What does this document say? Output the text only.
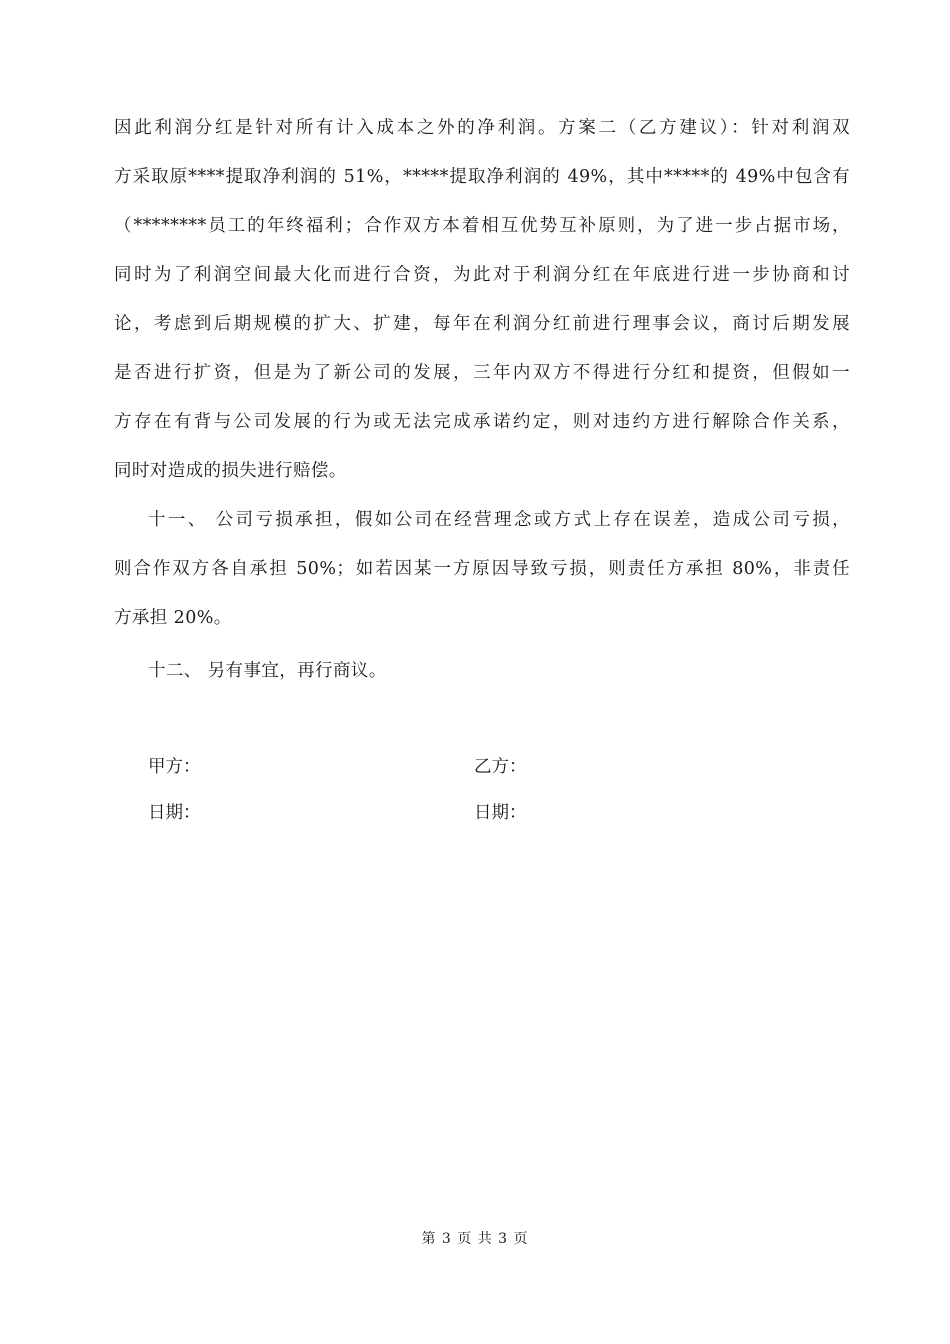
因此利润分红是针对所有计入成本之外的净利润。方案二（乙方建议）：针对利润双
方采取原****提取净利润的 51%，*****提取净利润的 49%，其中*****的 49%中包含有
（********员工的年终福利；合作双方本着相互优势互补原则，为了进一步占据市场，
同时为了利润空间最大化而进行合资，为此对于利润分红在年底进行进一步协商和讨
论，考虑到后期规模的扩大、扩建，每年在利润分红前进行理事会议，商讨后期发展
是否进行扩资，但是为了新公司的发展，三年内双方不得进行分红和提资，但假如一
方存在有背与公司发展的行为或无法完成承诺约定，则对违约方进行解除合作关系，
同时对造成的损失进行赔偿。
十一、 公司亏损承担，假如公司在经营理念或方式上存在误差，造成公司亏损，
则合作双方各自承担 50%；如若因某一方原因导致亏损，则责任方承担 80%，非责任
方承担 20%。
十二、 另有事宜，再行商议。
甲方：	乙方：
日期：	日期：
第 3 页 共 3 页
